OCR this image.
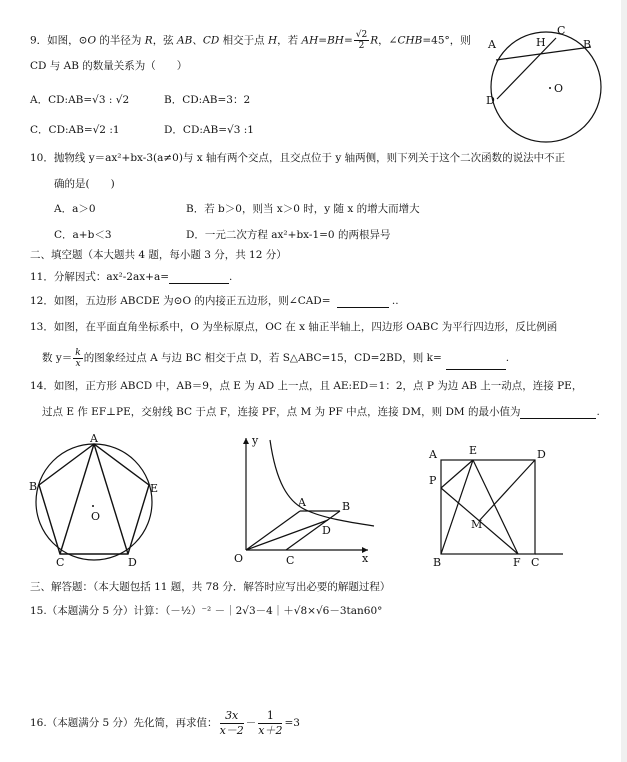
9．如图，⊙O 的半径为 R，弦 AB、CD 相交于点 H，若 $AH=BH= \frac{√2}{2}$ R，∠CHB=45°，则
CD 与 AB 的数量关系为（　　）
A．CD:AB=√3 : √2	B．CD:AB=3：2
C．CD:AB=√2 :1	D．CD:AB=√3 :1
A	H
C
B
D
O
10．抛物线 y＝ax²+bx-3(a≠0)与 x 轴有两个交点，且交点位于 y 轴两侧，则下列关于这个二次函数的说法中不正
确的是(　　)
A．a＞0	B．若 b＞0，则当 x＞0 时，y 随 x 的增大而增大
C．a+b＜3	D．一元二次方程 ax²+bx-1=0 的两根异号
二、填空题（本大题共 4 题，每小题 3 分，共 12 分）
11．分解因式：ax²-2ax+a=	.
12．如图，五边形 ABCDE 为⊙O 的内接正五边形，则∠CAD=	..
13．如图，在平面直角坐标系中，O 为坐标原点，OC 在 x 轴正半轴上，四边形 OABC 为平行四边形，反比例函
数 $y= \frac{k}{x}$ 的图象经过点 A 与边 BC 相交于点 D，若 S△ABC=15，CD=2BD，则 k=	.
14．如图，正方形 ABCD 中，AB＝9，点 E 为 AD 上一点，且 AE:ED＝1：2，点 P 为边 AB 上一动点，连接 PE，
过点 E 作 EF⊥PE，交射线 BC 于点 F，连接 PF，点 M 为 PF 中点，连接 DM，则 DM 的最小值为	.
A
B	E
O
C	D
y
A	B
D
O	C	x
A	E	D
P
M
B	F C
三、解答题：（本大题包括 11 题，共 78 分．解答时应写出必要的解题过程）
15.（本题满分 5 分）计算：（－½）⁻² －｜2√3－4｜＋√8×√6－3tan60°
16.（本题满分 5 分）先化简，再求值： $\frac{3x}{x-2} - \frac{1}{x+2} =3$
